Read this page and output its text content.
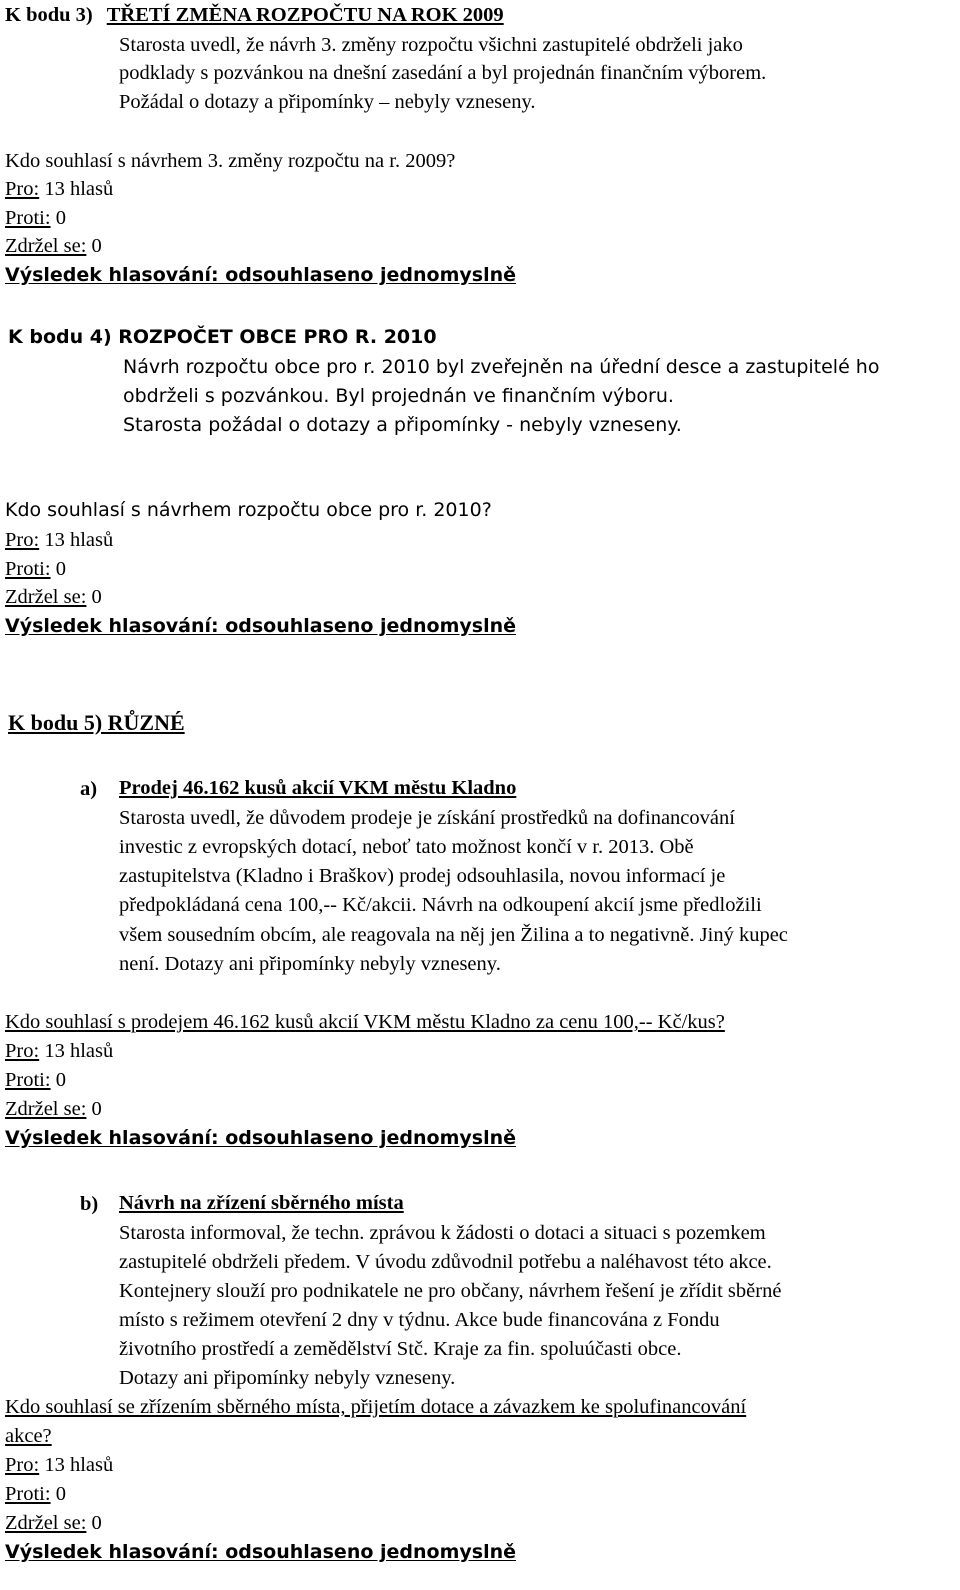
K bodu 3) TŘETÍ ZMĚNA ROZPOČTU NA ROK 2009
Starosta uvedl, že návrh 3. změny rozpočtu všichni zastupitelé obdrželi jako
podklady s pozvánkou na dnešní zasedání a byl projednán finančním výborem.
Požádal o dotazy a připomínky – nebyly vzneseny.
Kdo souhlasí s návrhem 3. změny rozpočtu na r. 2009?
Pro: 13 hlasů
Proti: 0
Zdržel se: 0
Výsledek hlasování: odsouhlaseno jednomyslně
K bodu 4) ROZPOČET OBCE PRO R. 2010
Návrh rozpočtu obce pro r. 2010 byl zveřejněn na úřední desce a zastupitelé ho
obdrželi s pozvánkou. Byl projednán ve finančním výboru.
Starosta požádal o dotazy a připomínky - nebyly vzneseny.
Kdo souhlasí s návrhem rozpočtu obce pro r. 2010?
Pro: 13 hlasů
Proti: 0
Zdržel se: 0
Výsledek hlasování: odsouhlaseno jednomyslně
K bodu 5) RŮZNÉ
a) Prodej 46.162 kusů akcií VKM městu Kladno
Starosta uvedl, že důvodem prodeje je získání prostředků na dofinancování
investic z evropských dotací, neboť tato možnost končí v r. 2013. Obě
zastupitelstva (Kladno i Braškov) prodej odsouhlasila, novou informací je
předpokládaná cena 100,-- Kč/akcii. Návrh na odkoupení akcií jsme předložili
všem sousedním obcím, ale reagovala na něj jen Žilina a to negativně. Jiný kupec
není. Dotazy ani připomínky nebyly vzneseny.
Kdo souhlasí s prodejem 46.162 kusů akcií VKM městu Kladno za cenu 100,-- Kč/kus?
Pro: 13 hlasů
Proti: 0
Zdržel se: 0
Výsledek hlasování: odsouhlaseno jednomyslně
b) Návrh na zřízení sběrného místa
Starosta informoval, že techn. zprávou k žádosti o dotaci a situaci s pozemkem
zastupitelé obdrželi předem. V úvodu zdůvodnil potřebu a naléhavost této akce.
Kontejnery slouží pro podnikatele ne pro občany, návrhem řešení je zřídit sběrné
místo s režimem otevření 2 dny v týdnu. Akce bude financována z Fondu
životního prostředí a zemědělství Stč. Kraje za fin. spoluúčasti obce.
Dotazy ani připomínky nebyly vzneseny.
Kdo souhlasí se zřízením sběrného místa, přijetím dotace a závazkem ke spolufinancování
akce?
Pro: 13 hlasů
Proti: 0
Zdržel se: 0
Výsledek hlasování: odsouhlaseno jednomyslně
